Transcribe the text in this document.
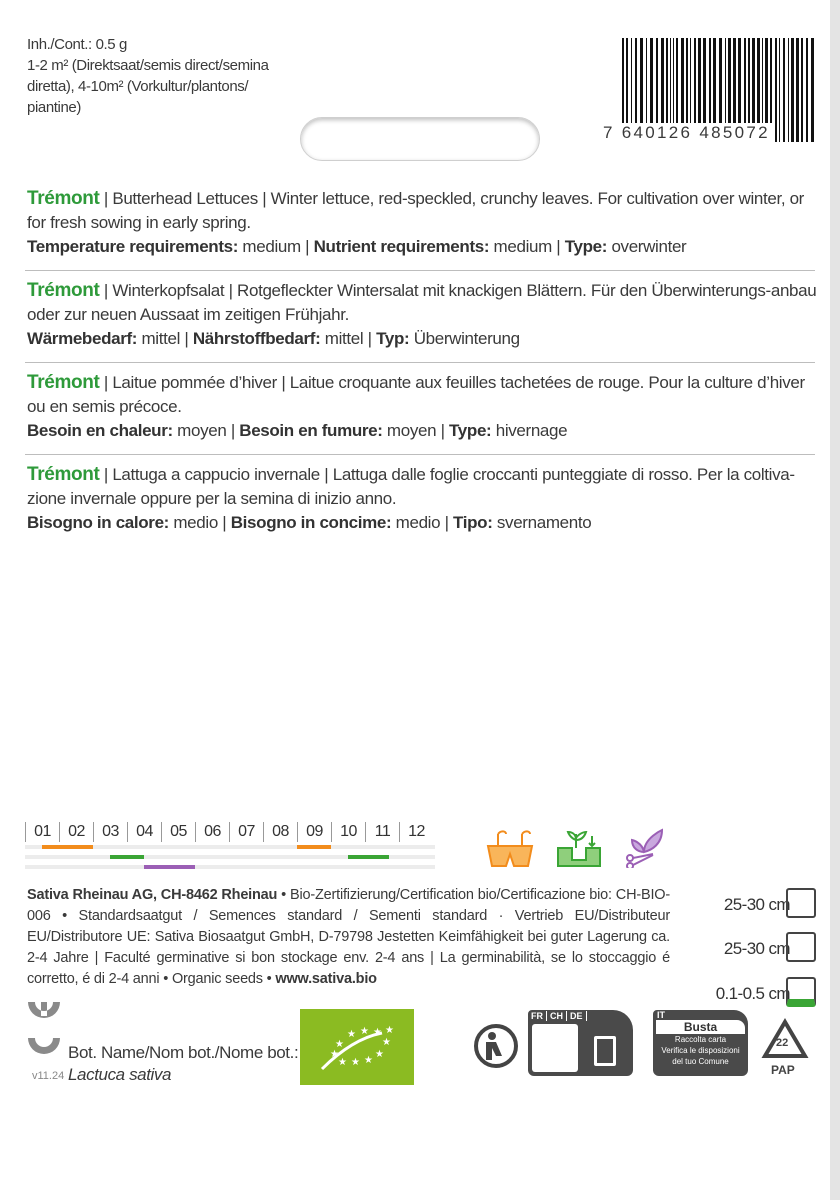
Inh./Cont.: 0.5 g
1-2 m² (Direktsaat/semis direct/semina diretta), 4-10m² (Vorkultur/plantons/ piantine)
7 640126 485072
Trémont | Butterhead Lettuces | Winter lettuce, red-speckled, crunchy leaves. For cultivation over winter, or for fresh sowing in early spring.
Temperature requirements: medium | Nutrient requirements: medium | Type: overwinter
Trémont | Winterkopfsalat | Rotgefleckter Wintersalat mit knackigen Blättern. Für den Überwinterungs-anbau oder zur neuen Aussaat im zeitigen Frühjahr.
Wärmebedarf: mittel | Nährstoffbedarf: mittel | Typ: Überwinterung
Trémont | Laitue pommée d’hiver | Laitue croquante aux feuilles tachetées de rouge. Pour la culture d’hiver ou en semis précoce.
Besoin en chaleur: moyen | Besoin en fumure: moyen | Type: hivernage
Trémont | Lattuga a cappucio invernale | Lattuga dalle foglie croccanti punteggiate di rosso. Per la coltiva-zione invernale oppure per la semina di inizio anno.
Bisogno in calore: medio | Bisogno in concime: medio | Tipo: svernamento
01	02	03	04	05	06	07	08	09	10	11	12
Sativa Rheinau AG, CH-8462 Rheinau • Bio-Zertifizierung/Certification bio/Certificazione bio: CH-BIO-006 • Standardsaatgut / Semences standard / Sementi standard · Vertrieb EU/Distributeur EU/Distributore UE: Sativa Biosaatgut GmbH, D-79798 Jestetten Keimfähigkeit bei guter Lagerung ca. 2-4 Jahre | Faculté germinative si bon stockage env. 2-4 ans | La germinabilità, se lo stoccaggio é corretto, é di 2-4 anni • Organic seeds • www.sativa.bio
25-30 cm
25-30 cm
0.1-0.5 cm
Bot. Name/Nom bot./Nome bot.:
Lactuca sativa
v11.24
★
★ ★ ★ ★
★
★
★
★
★
★
FR CH DE	IT
Busta
Raccolta carta
Verifica le disposizioni
del tuo Comune
22
PAP
